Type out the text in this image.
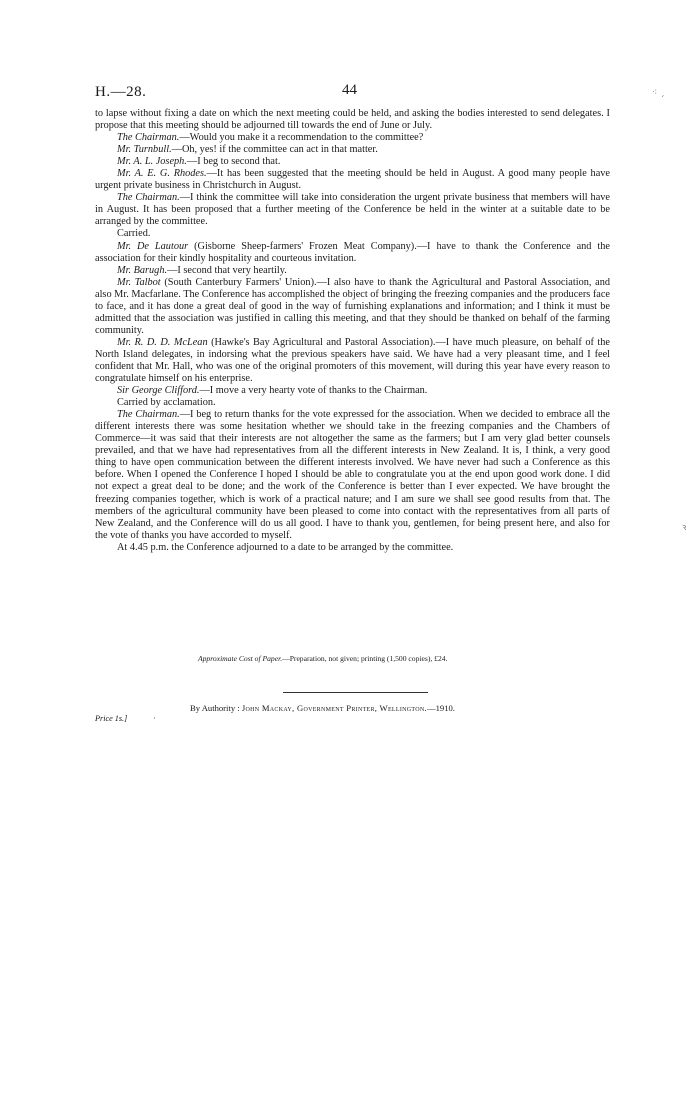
H.—28.	44	⁖ ˏ
ꝛ

to lapse without fixing a date on which the next meeting could be held, and asking the bodies interested to send delegates. I propose that this meeting should be adjourned till towards the end of June or July.

The Chairman.—Would you make it a recommendation to the committee?

Mr. Turnbull.—Oh, yes! if the committee can act in that matter.

Mr. A. L. Joseph.—I beg to second that.

Mr. A. E. G. Rhodes.—It has been suggested that the meeting should be held in August. A good many people have urgent private business in Christchurch in August.

The Chairman.—I think the committee will take into consideration the urgent private business that members will have in August. It has been proposed that a further meeting of the Conference be held in the winter at a suitable date to be arranged by the committee.

Carried.

Mr. De Lautour (Gisborne Sheep-farmers' Frozen Meat Company).—I have to thank the Conference and the association for their kindly hospitality and courteous invitation.

Mr. Barugh.—I second that very heartily.

Mr. Talbot (South Canterbury Farmers' Union).—I also have to thank the Agricultural and Pastoral Association, and also Mr. Macfarlane. The Conference has accomplished the object of bringing the freezing companies and the producers face to face, and it has done a great deal of good in the way of furnishing explanations and information; and I think it must be admitted that the association was justified in calling this meeting, and that they should be thanked on behalf of the farming community.

Mr. R. D. D. McLean (Hawke's Bay Agricultural and Pastoral Association).—I have much pleasure, on behalf of the North Island delegates, in indorsing what the previous speakers have said. We have had a very pleasant time, and I feel confident that Mr. Hall, who was one of the original promoters of this movement, will during this year have every reason to congratulate himself on his enterprise.

Sir George Clifford.—I move a very hearty vote of thanks to the Chairman.

Carried by acclamation.

The Chairman.—I beg to return thanks for the vote expressed for the association. When we decided to embrace all the different interests there was some hesitation whether we should take in the freezing companies and the Chambers of Commerce—it was said that their interests are not altogether the same as the farmers; but I am very glad better counsels prevailed, and that we have had representatives from all the different interests in New Zealand. It is, I think, a very good thing to have open communication between the different interests involved. We have never had such a Conference as this before. When I opened the Conference I hoped I should be able to congratulate you at the end upon good work done. I did not expect a great deal to be done; and the work of the Conference is better than I ever expected. We have brought the freezing companies together, which is work of a practical nature; and I am sure we shall see good results from that. The members of the agricultural community have been pleased to come into contact with the representatives from all parts of New Zealand, and the Conference will do us all good. I have to thank you, gentlemen, for being present here, and also for the vote of thanks you have accorded to myself.

At 4.45 p.m. the Conference adjourned to a date to be arranged by the committee.

Approximate Cost of Paper.—Preparation, not given; printing (1,500 copies), £24.
By Authority : John Mackay, Government Printer, Wellington.—1910.
Price 1s.]	·
